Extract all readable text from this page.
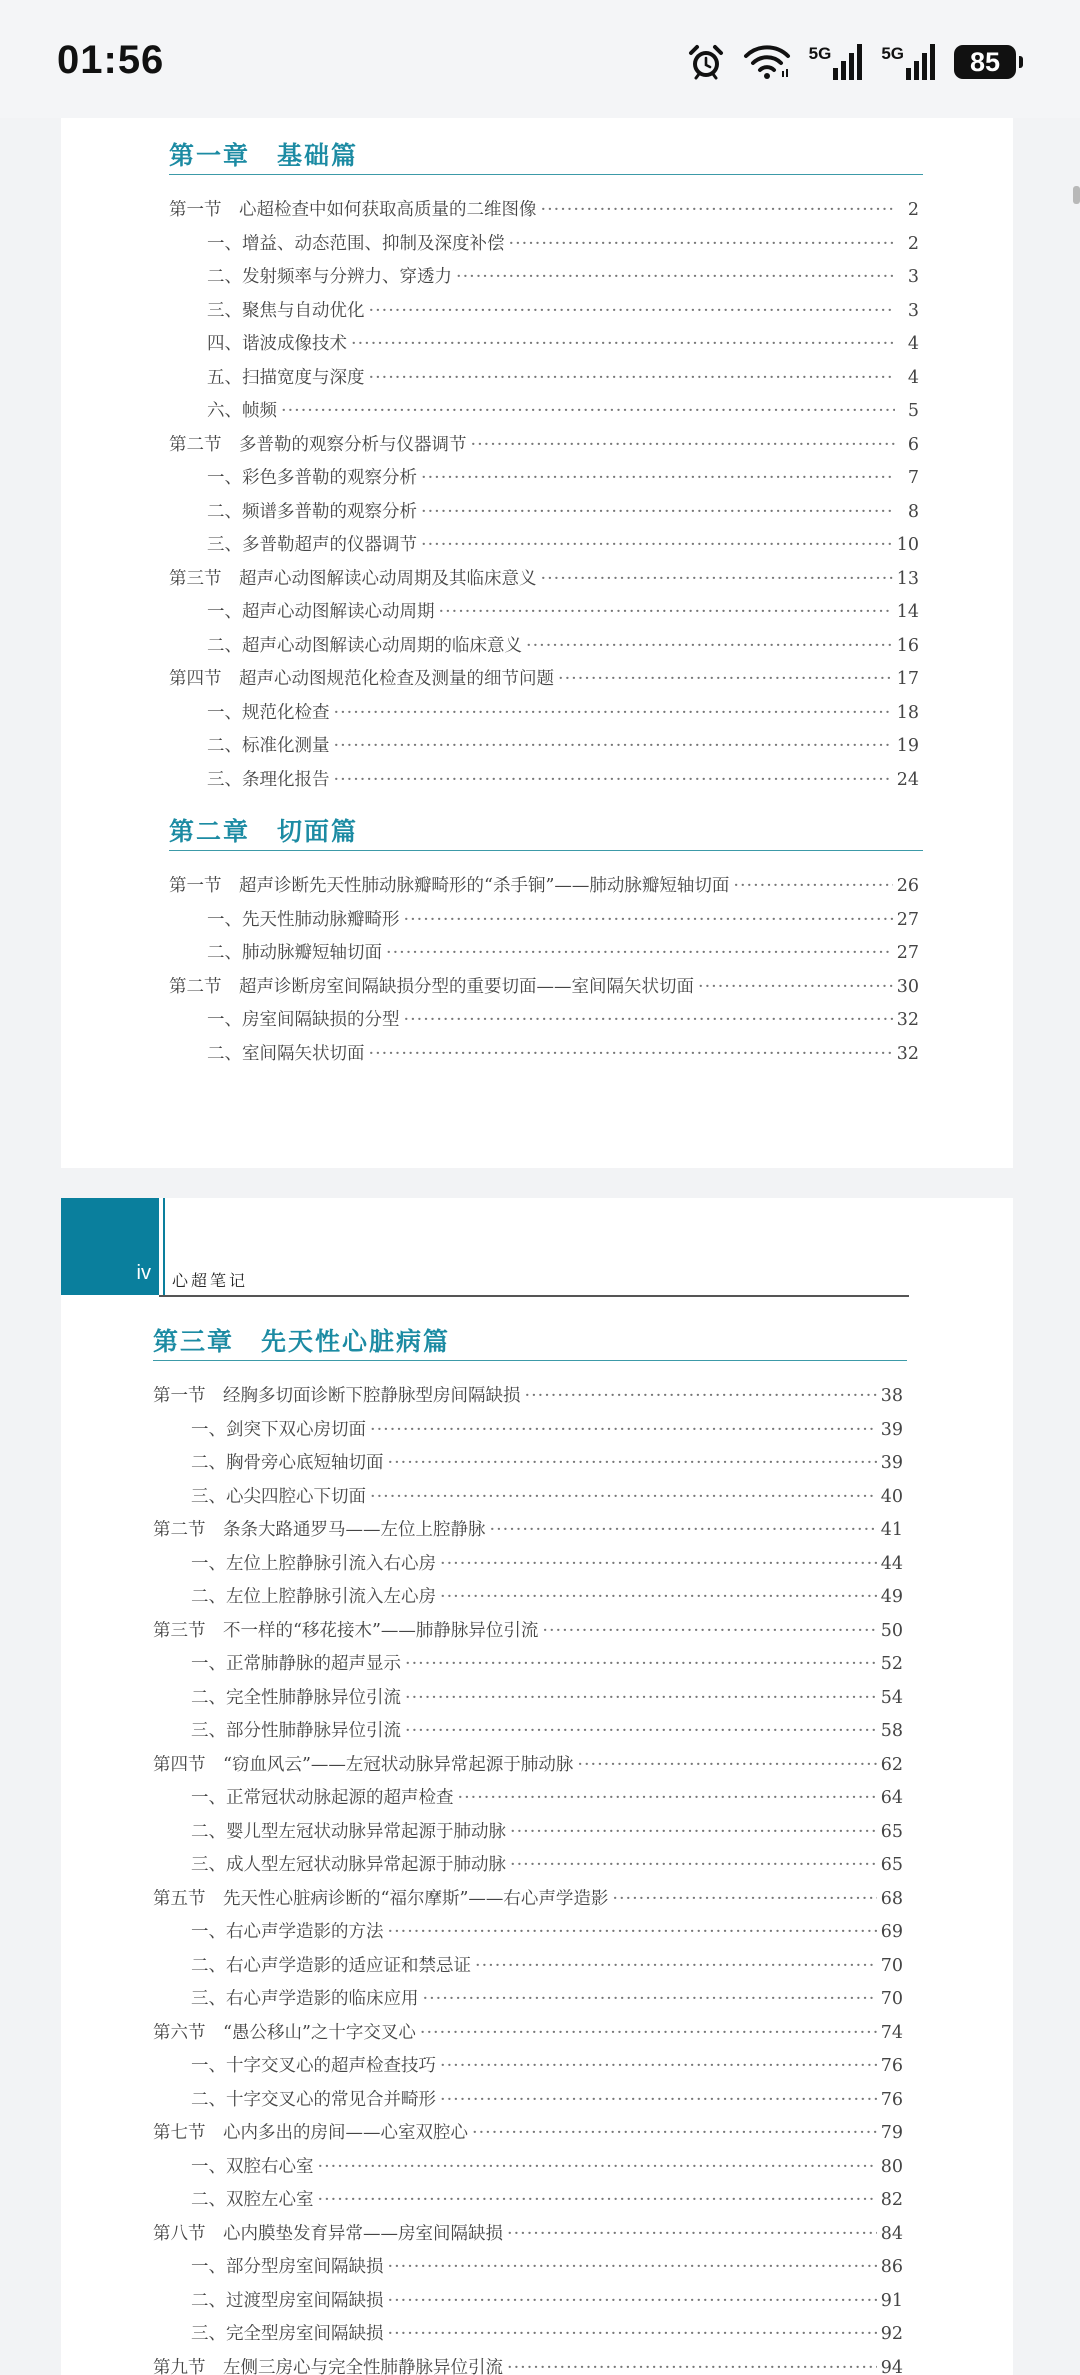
01:56	5G	5G	85
第一章　基础篇
第一节　心超检查中如何获取高质量的二维图像 ·····	2
一、增益、动态范围、抑制及深度补偿 ·····	2
二、发射频率与分辨力、穿透力 ·····	3
三、聚焦与自动优化 ·····	3
四、谐波成像技术 ·····	4
五、扫描宽度与深度 ·····	4
六、帧频 ·····	5
第二节　多普勒的观察分析与仪器调节 ·····	6
一、彩色多普勒的观察分析 ·····	7
二、频谱多普勒的观察分析 ·····	8
三、多普勒超声的仪器调节 ·····	10
第三节　超声心动图解读心动周期及其临床意义 ·····	13
一、超声心动图解读心动周期 ·····	14
二、超声心动图解读心动周期的临床意义 ·····	16
第四节　超声心动图规范化检查及测量的细节问题 ·····	17
一、规范化检查 ·····	18
二、标准化测量 ·····	19
三、条理化报告 ·····	24
第二章　切面篇
第一节　超声诊断先天性肺动脉瓣畸形的“杀手锏”——肺动脉瓣短轴切面 ·····	26
一、先天性肺动脉瓣畸形 ·····	27
二、肺动脉瓣短轴切面 ·····	27
第二节　超声诊断房室间隔缺损分型的重要切面——室间隔矢状切面 ·····	30
一、房室间隔缺损的分型 ·····	32
二、室间隔矢状切面 ·····	32
iv	心超笔记
第三章　先天性心脏病篇
第一节　经胸多切面诊断下腔静脉型房间隔缺损 ·····	38
一、剑突下双心房切面 ·····	39
二、胸骨旁心底短轴切面 ·····	39
三、心尖四腔心下切面 ·····	40
第二节　条条大路通罗马——左位上腔静脉 ·····	41
一、左位上腔静脉引流入右心房 ·····	44
二、左位上腔静脉引流入左心房 ·····	49
第三节　不一样的“移花接木”——肺静脉异位引流 ·····	50
一、正常肺静脉的超声显示 ·····	52
二、完全性肺静脉异位引流 ·····	54
三、部分性肺静脉异位引流 ·····	58
第四节　“窃血风云”——左冠状动脉异常起源于肺动脉 ·····	62
一、正常冠状动脉起源的超声检查 ·····	64
二、婴儿型左冠状动脉异常起源于肺动脉 ·····	65
三、成人型左冠状动脉异常起源于肺动脉 ·····	65
第五节　先天性心脏病诊断的“福尔摩斯”——右心声学造影 ·····	68
一、右心声学造影的方法 ·····	69
二、右心声学造影的适应证和禁忌证 ·····	70
三、右心声学造影的临床应用 ·····	70
第六节　“愚公移山”之十字交叉心 ·····	74
一、十字交叉心的超声检查技巧 ·····	76
二、十字交叉心的常见合并畸形 ·····	76
第七节　心内多出的房间——心室双腔心 ·····	79
一、双腔右心室 ·····	80
二、双腔左心室 ·····	82
第八节　心内膜垫发育异常——房室间隔缺损 ·····	84
一、部分型房室间隔缺损 ·····	86
二、过渡型房室间隔缺损 ·····	91
三、完全型房室间隔缺损 ·····	92
第九节　左侧三房心与完全性肺静脉异位引流 ·····	94
